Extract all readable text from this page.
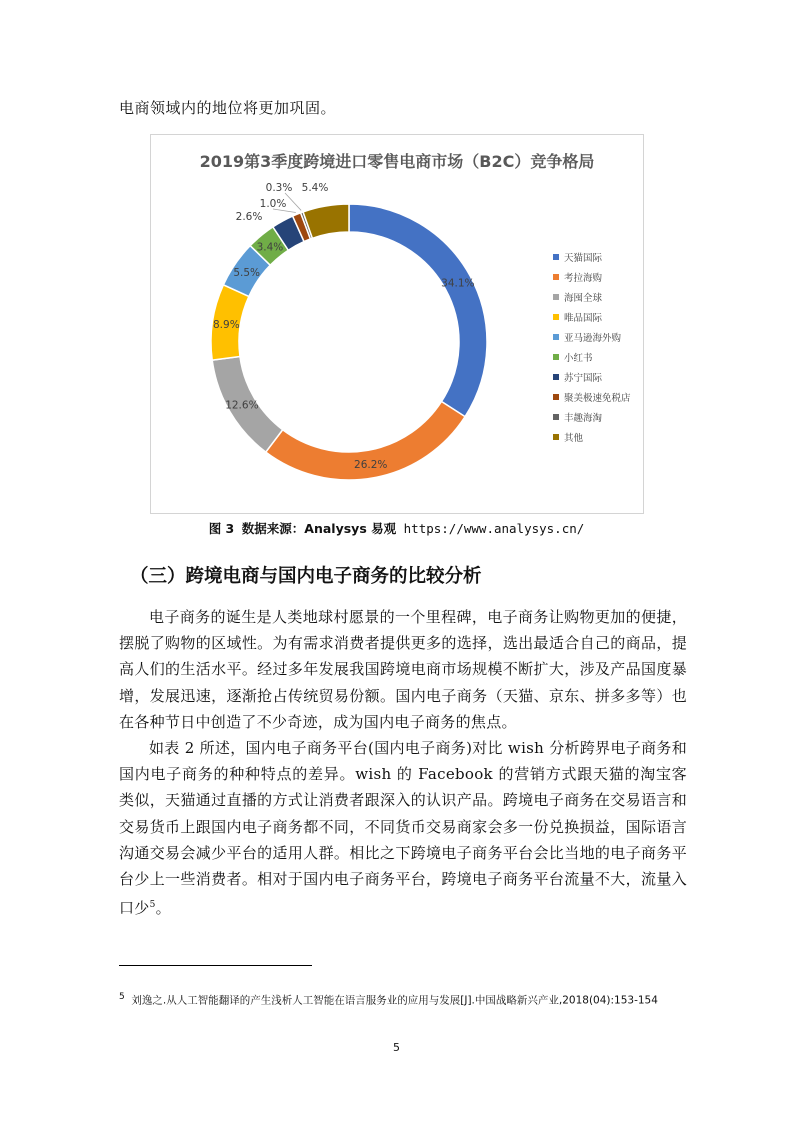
电商领域内的地位将更加巩固。
2019第3季度跨境进口零售电商市场（B2C）竞争格局
34.1%
26.2%
12.6%
8.9%
5.5%
3.4%
2.6%
1.0%
0.3% 5.4%
天猫国际
考拉海购
海囤全球
唯品国际
亚马逊海外购
小红书
苏宁国际
聚美极速免税店
丰趣海淘
其他
图 3 数据来源：Analysys 易观 https://www.analysys.cn/
（三）跨境电商与国内电子商务的比较分析
电子商务的诞生是人类地球村愿景的一个里程碑，电子商务让购物更加的便捷，摆脱了购物的区域性。为有需求消费者提供更多的选择，选出最适合自己的商品，提高人们的生活水平。经过多年发展我国跨境电商市场规模不断扩大，涉及产品国度暴增，发展迅速，逐渐抢占传统贸易份额。国内电子商务（天猫、京东、拼多多等）也在各种节日中创造了不少奇迹，成为国内电子商务的焦点。
如表 2 所述，国内电子商务平台(国内电子商务)对比 wish 分析跨界电子商务和国内电子商务的种种特点的差异。wish 的 Facebook 的营销方式跟天猫的淘宝客类似，天猫通过直播的方式让消费者跟深入的认识产品。跨境电子商务在交易语言和交易货币上跟国内电子商务都不同，不同货币交易商家会多一份兑换损益，国际语言沟通交易会减少平台的适用人群。相比之下跨境电子商务平台会比当地的电子商务平台少上一些消费者。相对于国内电子商务平台，跨境电子商务平台流量不大，流量入口少$^5$。
$^5$ 刘逸之.从人工智能翻译的产生浅析人工智能在语言服务业的应用与发展[J].中国战略新兴产业,2018(04):153-154
5
